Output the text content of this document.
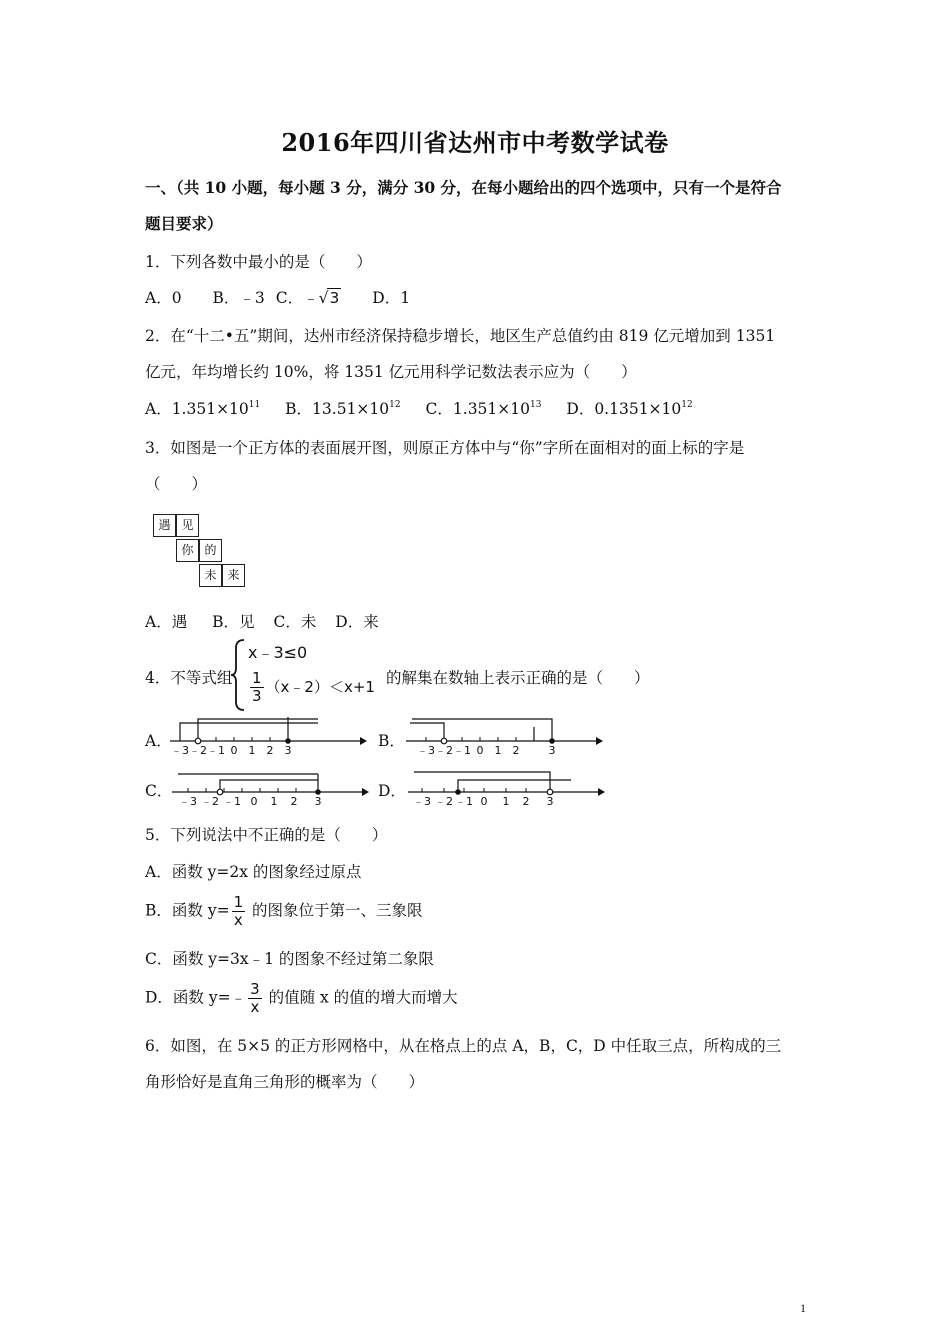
2016年四川省达州市中考数学试卷
一、（共 10 小题，每小题 3 分，满分 30 分，在每小题给出的四个选项中，只有一个是符合
题目要求）
1．下列各数中最小的是（　　）
A．0 B．﹣3 C．﹣√3 D．1
2．在“十二•五”期间，达州市经济保持稳步增长，地区生产总值约由 819 亿元增加到 1351
亿元，年均增长约 10%，将 1351 亿元用科学记数法表示应为（　　）
A．$1.351\times 10^{11}$ B．$13.51\times 10^{12}$ C．$1.351\times 10^{13}$ D．$0.1351\times 10^{12}$
3．如图是一个正方体的表面展开图，则原正方体中与“你”字所在面相对的面上标的字是
（　　）
遇 见
你 的
未 来
A．遇 B．见 C．未 D．来
4．不等式组
x﹣3≤0
$\frac{1}{3}$ （x﹣2）＜x+1 的解集在数轴上表示正确的是（　　）
A．	B．
C．	D．
﹣3 ﹣2 ﹣1 0 1 2 3	﹣3 ﹣2 ﹣1 0 1 2	3
﹣3 ﹣2 ﹣1 0 1 2 3	﹣3 ﹣2 ﹣1 0 1 2 3
5．下列说法中不正确的是（　　）
A．函数 y=2x 的图象经过原点
B．函数 $y= \frac{1}{x}$ 的图象位于第一、三象限
C．函数 y=3x﹣1 的图象不经过第二象限
D．函数 y=﹣ $\frac{3}{x}$ 的值随 x 的值的增大而增大
6．如图，在 5×5 的正方形网格中，从在格点上的点 A，B，C，D 中任取三点，所构成的三
角形恰好是直角三角形的概率为（　　）
1
